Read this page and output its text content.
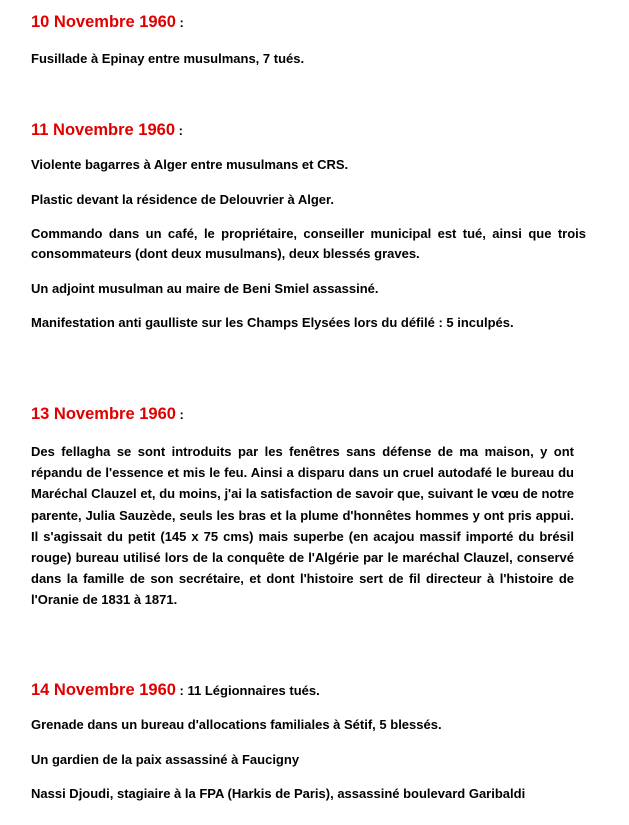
10 Novembre 1960 :

Fusillade à Epinay entre musulmans, 7 tués.

11 Novembre 1960 :

Violente bagarres à Alger entre musulmans et CRS.

Plastic devant la résidence de Delouvrier à Alger.

Commando dans un café, le propriétaire, conseiller municipal est tué, ainsi que trois consommateurs (dont deux musulmans), deux blessés graves.

Un adjoint musulman au maire de Beni Smiel assassiné.

Manifestation anti gaulliste sur les Champs Elysées lors du défilé : 5 inculpés.

13 Novembre 1960 :

Des fellagha se sont introduits par les fenêtres sans défense de ma maison, y ont répandu de l'essence et mis le feu. Ainsi a disparu dans un cruel autodafé le bureau du Maréchal Clauzel et, du moins, j'ai la satisfaction de savoir que, suivant le vœu de notre parente, Julia Sauzède, seuls les bras et la plume d'honnêtes hommes y ont pris appui. Il s'agissait du petit (145 x 75 cms) mais superbe (en acajou massif importé du brésil rouge) bureau utilisé lors de la conquête de l'Algérie par le maréchal Clauzel, conservé dans la famille de son secrétaire, et dont l'histoire sert de fil directeur à l'histoire de l'Oranie de 1831 à 1871.

14 Novembre 1960 : 11 Légionnaires tués.

Grenade dans un bureau d'allocations familiales à Sétif, 5 blessés.

Un gardien de la paix assassiné à Faucigny

Nassi Djoudi, stagiaire à la FPA (Harkis de Paris), assassiné boulevard Garibaldi
